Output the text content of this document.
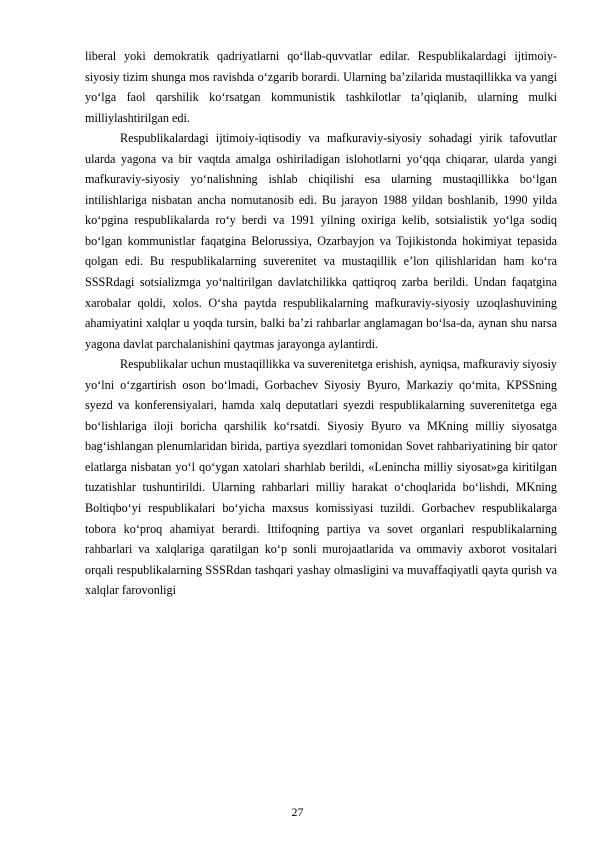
liberal yoki demokratik qadriyatlarni qo‘llab-quvvatlar edilar. Respublikalardagi ijtimoiy-siyosiy tizim shunga mos ravishda o‘zgarib borardi. Ularning ba’zilarida mustaqillikka va yangi yo‘lga faol qarshilik ko‘rsatgan kommunistik tashkilotlar ta’qiqlanib, ularning mulki milliylashtirilgan edi.

Respublikalardagi ijtimoiy-iqtisodiy va mafkuraviy-siyosiy sohadagi yirik tafovutlar ularda yagona va bir vaqtda amalga oshiriladigan islohotlarni yo‘qqa chiqarar, ularda yangi mafkuraviy-siyosiy yo‘nalishning ishlab chiqilishi esa ularning mustaqillikka bo‘lgan intilishlariga nisbatan ancha nomutanosib edi. Bu jarayon 1988 yildan boshlanib, 1990 yilda ko‘pgina respublikalarda ro‘y berdi va 1991 yilning oxiriga kelib, sotsialistik yo‘lga sodiq bo‘lgan kommunistlar faqatgina Belorussiya, Ozarbayjon va Tojikistonda hokimiyat tepasida qolgan edi. Bu respublikalarning suverenitet va mustaqillik e’lon qilishlaridan ham ko‘ra SSSRdagi sotsializmga yo‘naltirilgan davlatchilikka qattiqroq zarba berildi. Undan faqatgina xarobalar qoldi, xolos. O‘sha paytda respublikalarning mafkuraviy-siyosiy uzoqlashuvining ahamiyatini xalqlar u yoqda tursin, balki ba’zi rahbarlar anglamagan bo‘lsa-da, aynan shu narsa yagona davlat parchalanishini qaytmas jarayonga aylantirdi.

Respublikalar uchun mustaqillikka va suverenitetga erishish, ayniqsa, mafkuraviy siyosiy yo‘lni o‘zgartirish oson bo‘lmadi, Gorbachev Siyosiy Byuro, Markaziy qo‘mita, KPSSning syezd va konferensiyalari, hamda xalq deputatlari syezdi respublikalarning suverenitetga ega bo‘lishlariga iloji boricha qarshilik ko‘rsatdi. Siyosiy Byuro va MKning milliy siyosatga bag‘ishlangan plenumlaridan birida, partiya syezdlari tomonidan Sovet rahbariyatining bir qator elatlarga nisbatan yo‘l qo‘ygan xatolari sharhlab berildi, «Lenincha milliy siyosat»ga kiritilgan tuzatishlar tushuntirildi. Ularning rahbarlari milliy harakat o‘choqlarida bo‘lishdi, MKning Boltiqbo‘yi respublikalari bo‘yicha maxsus komissiyasi tuzildi. Gorbachev respublikalarga tobora ko‘proq ahamiyat berardi. Ittifoqning partiya va sovet organlari respublikalarning rahbarlari va xalqlariga qaratilgan ko‘p sonli murojaatlarida va ommaviy axborot vositalari orqali respublikalarning SSSRdan tashqari yashay olmasligini va muvaffaqiyatli qayta qurish va xalqlar farovonligi

27
